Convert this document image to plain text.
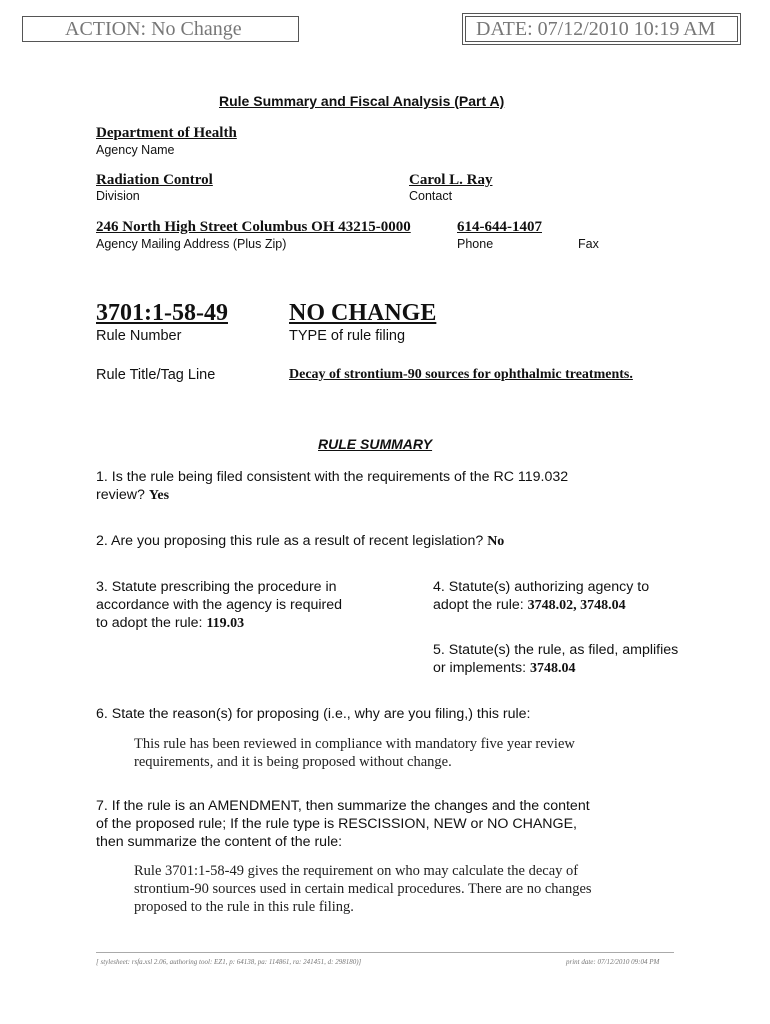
ACTION: No Change	DATE: 07/12/2010 10:19 AM
Rule Summary and Fiscal Analysis (Part A)
Department of Health
Agency Name
Radiation Control
Division
Carol L. Ray
Contact
246 North High Street Columbus OH 43215-0000
Agency Mailing Address (Plus Zip)
614-644-1407
Phone	Fax
3701:1-58-49
Rule Number
NO CHANGE
TYPE of rule filing
Rule Title/Tag Line	Decay of strontium-90 sources for ophthalmic treatments.
RULE SUMMARY
1. Is the rule being filed consistent with the requirements of the RC 119.032
review? Yes
2. Are you proposing this rule as a result of recent legislation? No
3. Statute prescribing the procedure in
accordance with the agency is required
to adopt the rule: 119.03
4. Statute(s) authorizing agency to
adopt the rule: 3748.02, 3748.04
5. Statute(s) the rule, as filed, amplifies
or implements: 3748.04
6. State the reason(s) for proposing (i.e., why are you filing,) this rule:
This rule has been reviewed in compliance with mandatory five year review
requirements, and it is being proposed without change.
7. If the rule is an AMENDMENT, then summarize the changes and the content
of the proposed rule; If the rule type is RESCISSION, NEW or NO CHANGE,
then summarize the content of the rule:
Rule 3701:1-58-49 gives the requirement on who may calculate the decay of
strontium-90 sources used in certain medical procedures. There are no changes
proposed to the rule in this rule filing.
[ stylesheet: rsfa.xsl 2.06, authoring tool: EZ1, p: 64138, pa: 114861, ra: 241451, d: 298180)]	print date: 07/12/2010 09:04 PM
